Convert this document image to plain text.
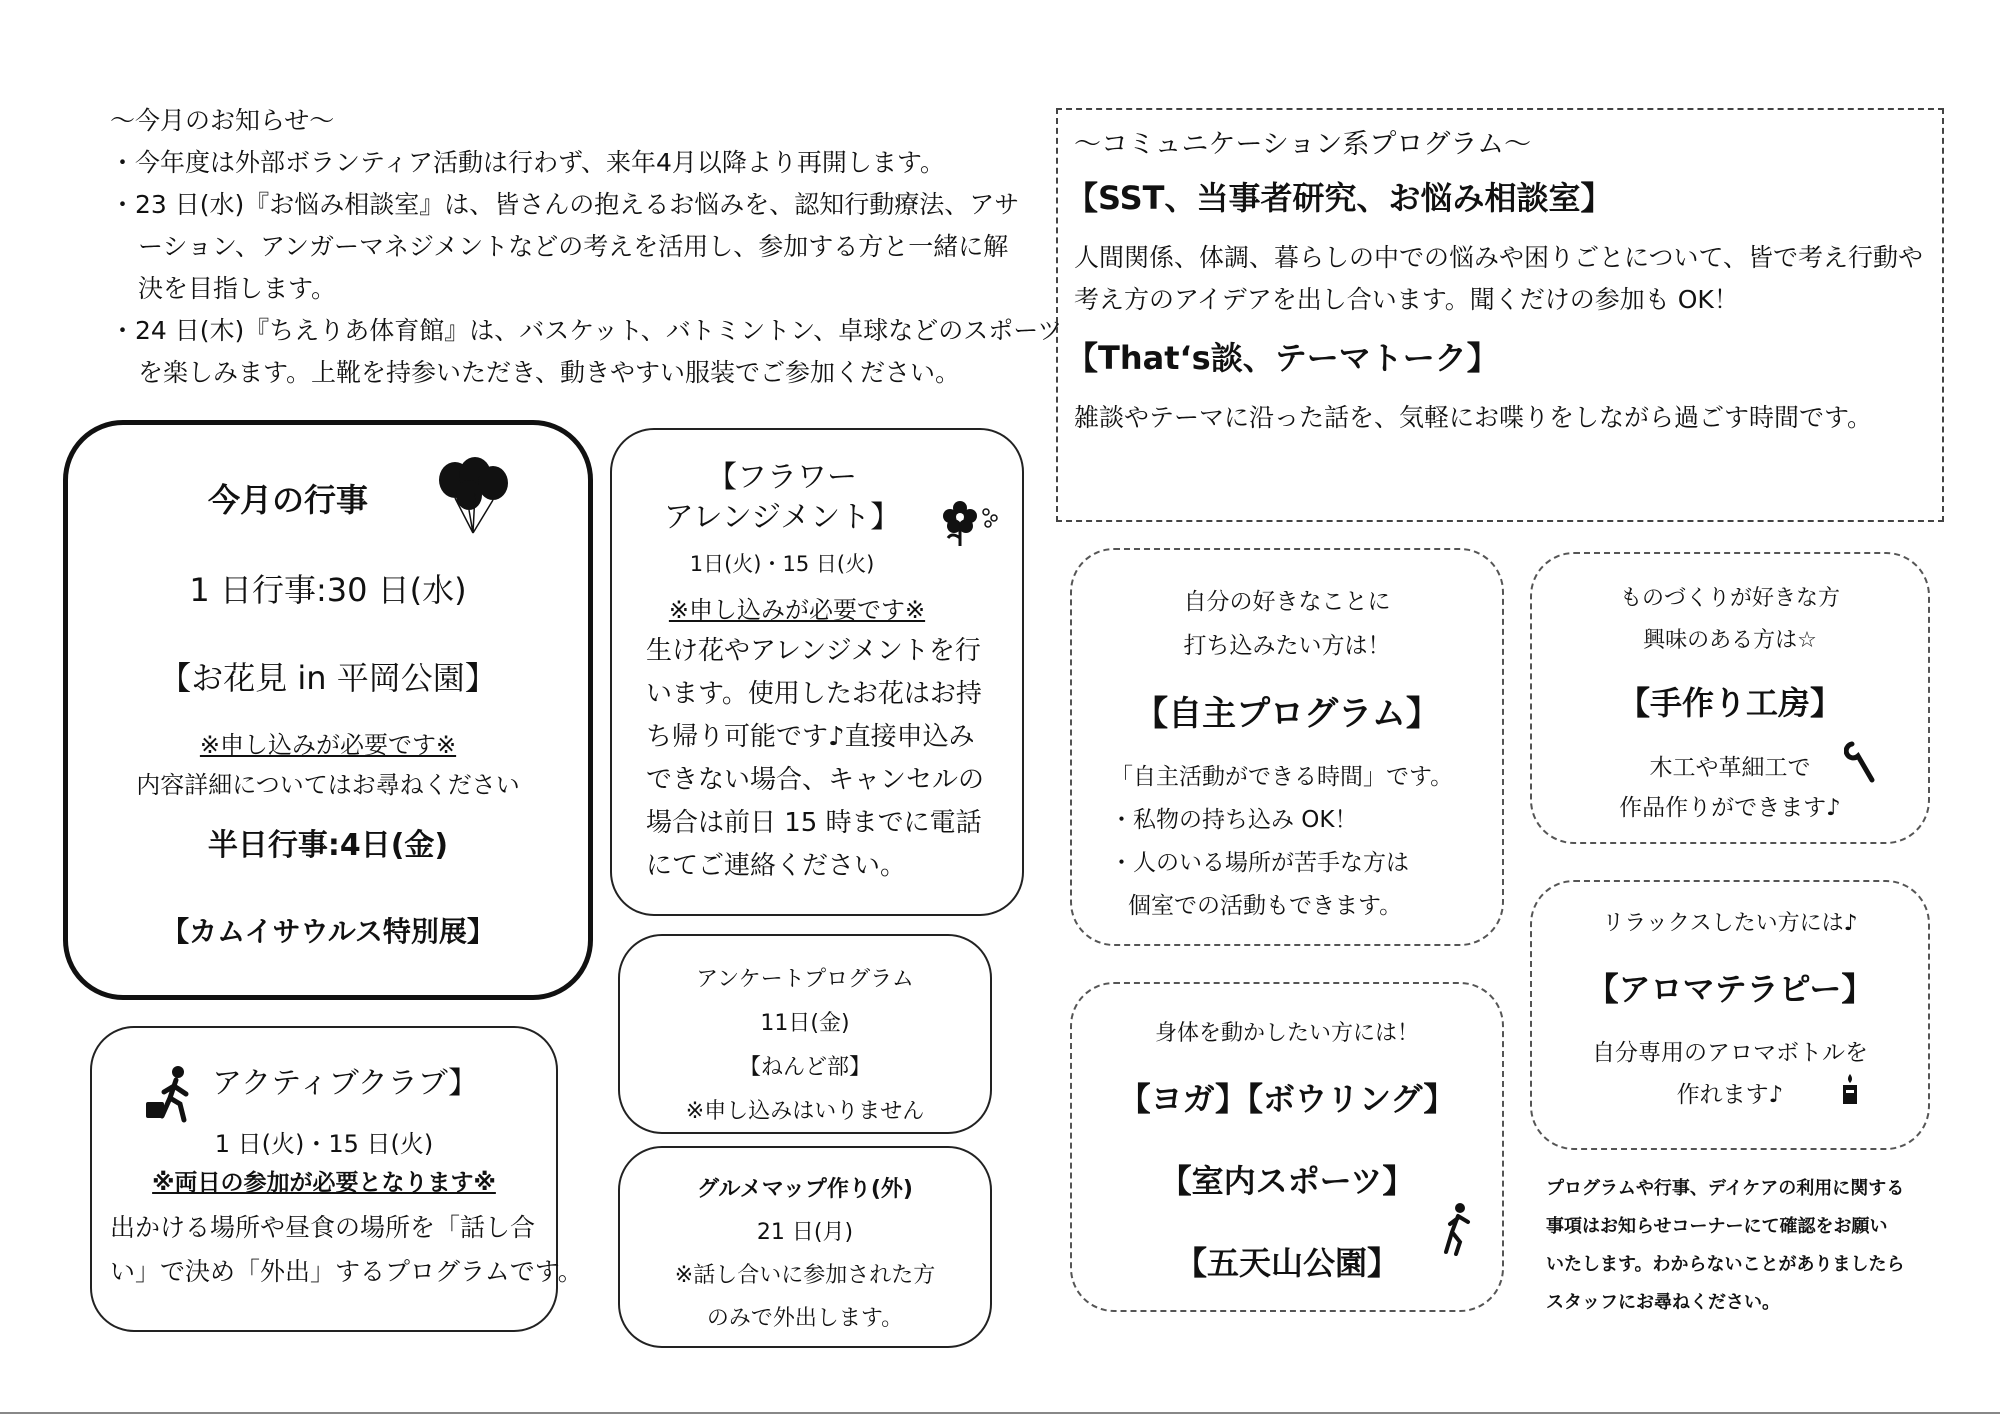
～今月のお知らせ～
・今年度は外部ボランティア活動は行わず、来年4月以降より再開します。
・23 日(水)『お悩み相談室』は、皆さんの抱えるお悩みを、認知行動療法、アサ
ーション、アンガーマネジメントなどの考えを活用し、参加する方と一緒に解
決を目指します。
・24 日(木)『ちえりあ体育館』は、バスケット、バトミントン、卓球などのスポーツ
を楽しみます。上靴を持参いただき、動きやすい服装でご参加ください。
～コミュニケーション系プログラム～
【SST、当事者研究、お悩み相談室】
人間関係、体調、暮らしの中での悩みや困りごとについて、皆で考え行動や
考え方のアイデアを出し合います。聞くだけの参加も OK！
【That‘s談、テーマトーク】
雑談やテーマに沿った話を、気軽にお喋りをしながら過ごす時間です。
今月の行事
1 日行事:30 日(水)
【お花見 in 平岡公園】
※申し込みが必要です※
内容詳細についてはお尋ねください
半日行事:4日(金)
【カムイサウルス特別展】
【フラワー
アレンジメント】
1日(火)・15 日(火)
※申し込みが必要です※
生け花やアレンジメントを行
います。使用したお花はお持
ち帰り可能です♪直接申込み
できない場合、キャンセルの
場合は前日 15 時までに電話
にてご連絡ください。
アンケートプログラム
11日(金)
【ねんど部】
※申し込みはいりません
グルメマップ作り(外)
21 日(月)
※話し合いに参加された方
のみで外出します。
アクティブクラブ】
1 日(火)・15 日(火)
※両日の参加が必要となります※
出かける場所や昼食の場所を「話し合
い」で決め「外出」するプログラムです。
自分の好きなことに
打ち込みたい方は！
【自主プログラム】
「自主活動ができる時間」です。
・私物の持ち込み OK！
・人のいる場所が苦手な方は
個室での活動もできます。
ものづくりが好きな方
興味のある方は☆
【手作り工房】
木工や革細工で
作品作りができます♪
リラックスしたい方には♪
【アロマテラピー】
自分専用のアロマボトルを
作れます♪
身体を動かしたい方には！
【ヨガ】【ボウリング】
【室内スポーツ】
【五天山公園】
プログラムや行事、デイケアの利用に関する
事項はお知らせコーナーにて確認をお願い
いたします。わからないことがありましたら
スタッフにお尋ねください。
